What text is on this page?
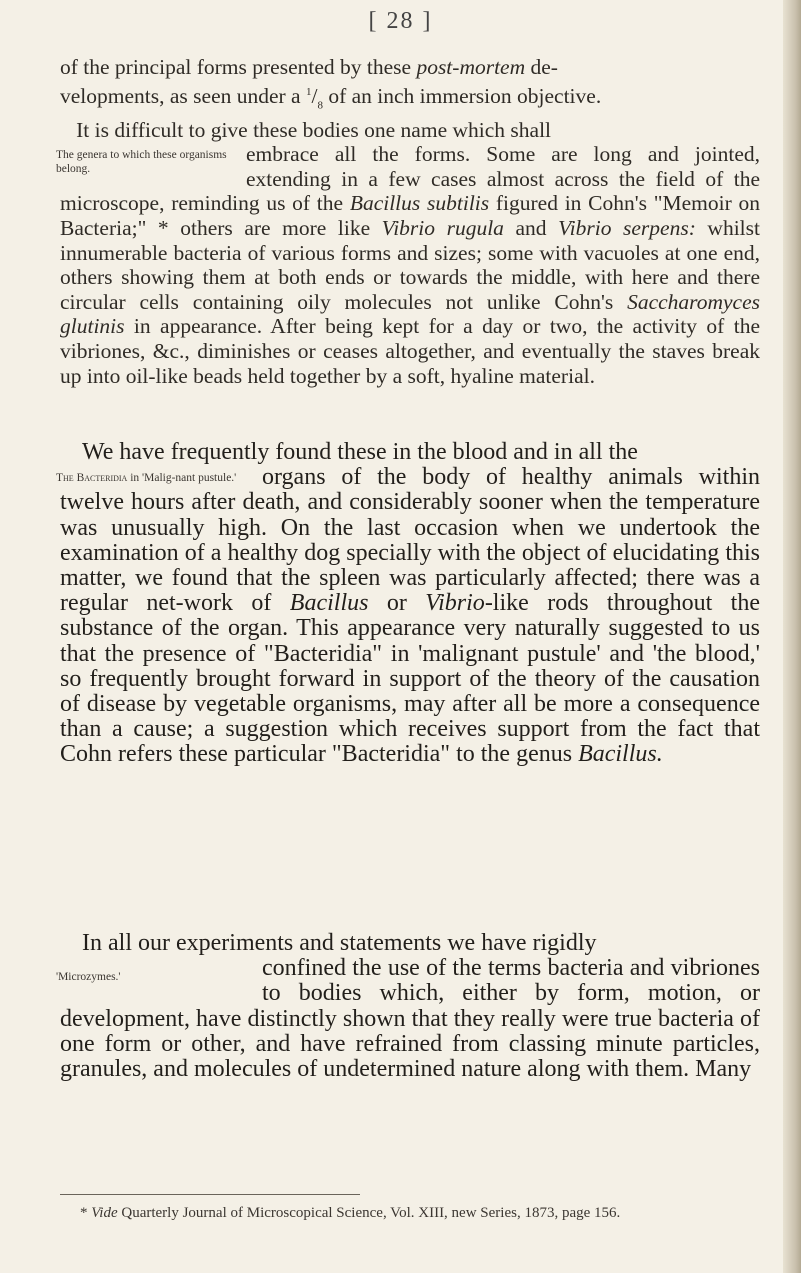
[ 28 ]

of the principal forms presented by these post-mortem de-
velopments, as seen under a $^1/_8$ of an inch immersion objective.
It is difficult to give these bodies one name which shall

The genera to which these organisms belong.
embrace all the forms. Some are long and jointed, extending in a few cases almost across the field of the microscope, reminding us of the Bacillus subtilis figured in Cohn's "Memoir on Bacteria;" * others are more like Vibrio rugula and Vibrio serpens: whilst innumerable bacteria of various forms and sizes; some with vacuoles at one end, others showing them at both ends or towards the middle, with here and there circular cells containing oily molecules not unlike Cohn's Saccharomyces glutinis in appearance. After being kept for a day or two, the activity of the vibriones, &c., diminishes or ceases altogether, and eventually the staves break up into oil-like beads held together by a soft, hyaline material.

We have frequently found these in the blood and in all the
The Bacteridia in 'Malig-nant pustule.'	organs of the body of healthy animals within twelve hours after death, and considerably sooner when the temperature was unusually high. On the last occasion when we undertook the examination of a healthy dog specially with the object of elucidating this matter, we found that the spleen was particularly affected; there was a regular net-work of Bacillus or Vibrio-like rods throughout the substance of the organ. This appearance very naturally suggested to us that the presence of "Bacteridia" in 'malignant pustule' and 'the blood,' so frequently brought forward in support of the theory of the causation of disease by vegetable organisms, may after all be more a consequence than a cause; a suggestion which receives support from the fact that Cohn refers these particular "Bacteridia" to the genus Bacillus.

In all our experiments and statements we have rigidly
'Microzymes.'	confined the use of the terms bacteria and vibriones to bodies which, either by form, motion, or development, have distinctly shown that they really were true bacteria of one form or other, and have refrained from classing minute particles, granules, and molecules of undetermined nature along with them. Many

* Vide Quarterly Journal of Microscopical Science, Vol. XIII, new Series, 1873, page 156.
